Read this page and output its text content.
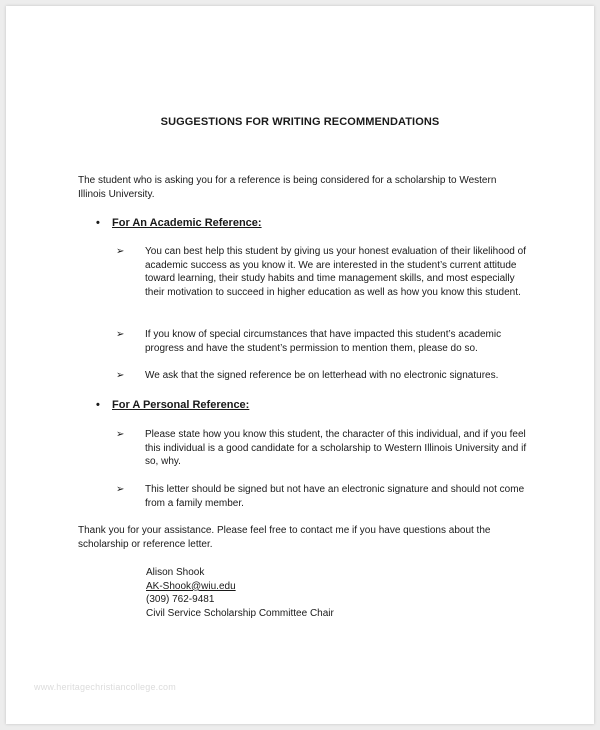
SUGGESTIONS FOR WRITING RECOMMENDATIONS

The student who is asking you for a reference is being considered for a scholarship to Western Illinois University.

• For An Academic Reference:
➢	You can best help this student by giving us your honest evaluation of their likelihood of academic success as you know it. We are interested in the student’s current attitude toward learning, their study habits and time management skills, and most especially their motivation to succeed in higher education as well as how you know this student.
➢	If you know of special circumstances that have impacted this student’s academic progress and have the student’s permission to mention them, please do so.
➢	We ask that the signed reference be on letterhead with no electronic signatures.
• For A Personal Reference:
➢	Please state how you know this student, the character of this individual, and if you feel this individual is a good candidate for a scholarship to Western Illinois University and if so, why.
➢	This letter should be signed but not have an electronic signature and should not come from a family member.

Thank you for your assistance. Please feel free to contact me if you have questions about the scholarship or reference letter.

Alison Shook
AK-Shook@wiu.edu
(309) 762-9481
Civil Service Scholarship Committee Chair
www.heritagechristiancollege.com
